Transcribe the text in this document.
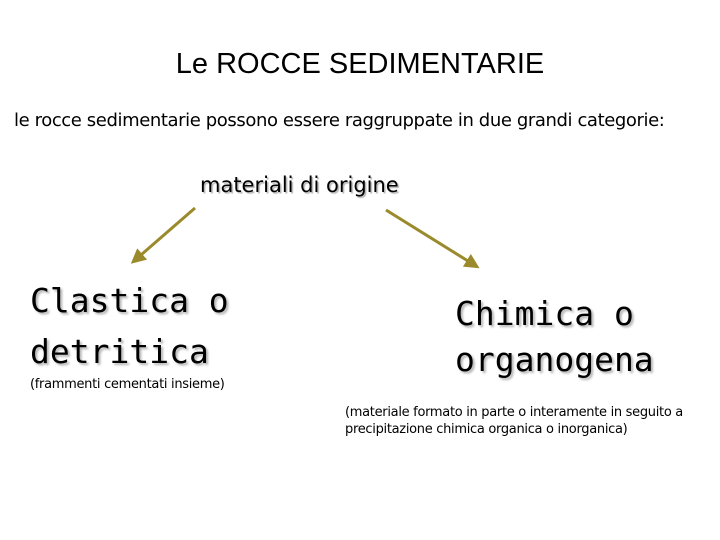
Le ROCCE SEDIMENTARIE
le rocce sedimentarie possono essere raggruppate in due grandi categorie:
materiali di origine
Clastica o
detritica
(frammenti cementati insieme)
Chimica o
organogena
(materiale formato in parte o interamente in seguito a precipitazione chimica organica o inorganica)
